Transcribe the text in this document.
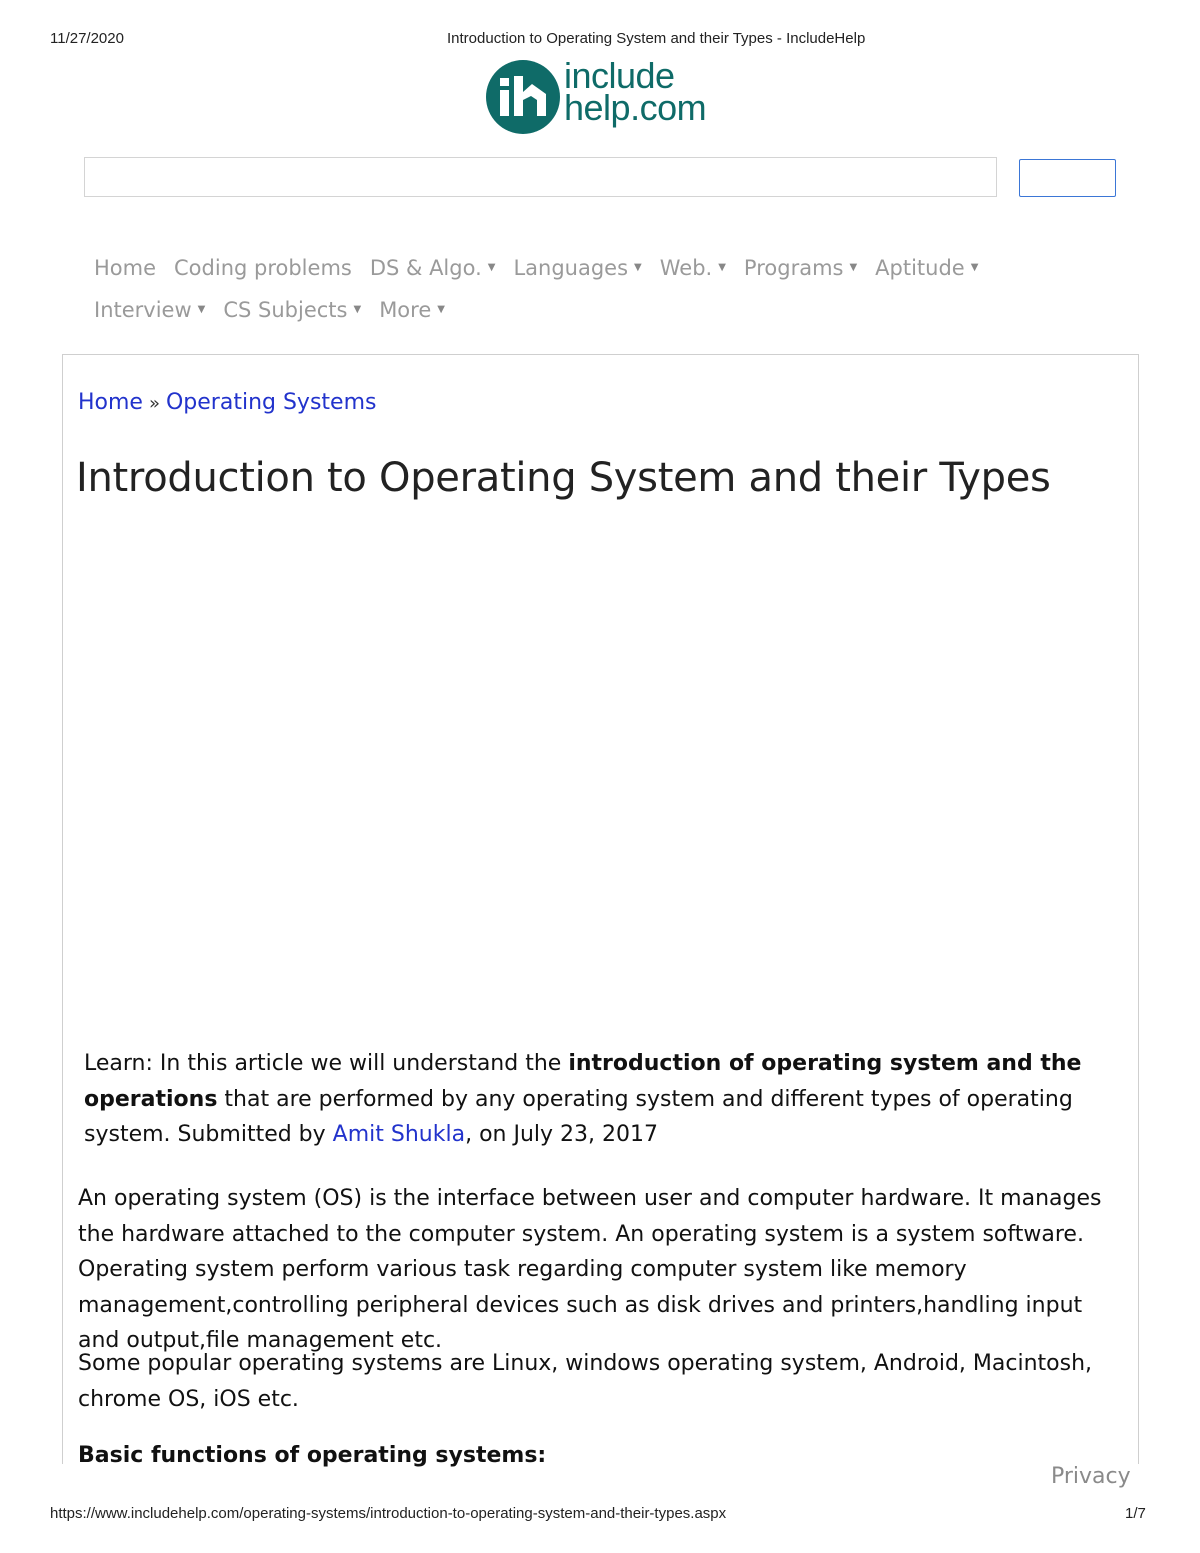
11/27/2020	Introduction to Operating System and their Types - IncludeHelp
include
help.com
Home Coding problems DS & Algo. ▼ Languages ▼ Web. ▼ Programs ▼ Aptitude ▼
Interview ▼ CS Subjects ▼ More ▼
Home » Operating Systems
Introduction to Operating System and their Types

Learn: In this article we will understand the introduction of operating system and the operations that are performed by any operating system and different types of operating system. Submitted by Amit Shukla, on July 23, 2017

An operating system (OS) is the interface between user and computer hardware. It manages the hardware attached to the computer system. An operating system is a system software. Operating system perform various task regarding computer system like memory management,controlling peripheral devices such as disk drives and printers,handling input and output,file management etc.

Some popular operating systems are Linux, windows operating system, Android, Macintosh, chrome OS, iOS etc.

Basic functions of operating systems:
Privacy
https://www.includehelp.com/operating-systems/introduction-to-operating-system-and-their-types.aspx	1/7
